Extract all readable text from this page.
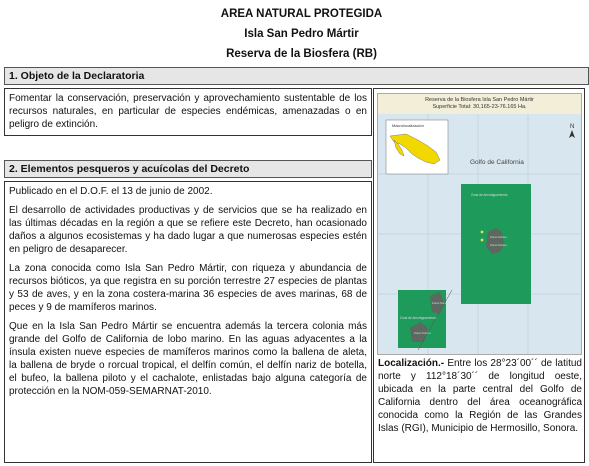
AREA NATURAL PROTEGIDA
Isla San Pedro Mártir
Reserva de la Biosfera (RB)
1. Objeto de la Declaratoria
Fomentar la conservación, preservación y aprovechamiento sustentable de los recursos naturales, en particular de especies endémicas, amenazadas o en peligro de extinción.
2. Elementos pesqueros y acuícolas del Decreto

Publicado en el D.O.F. el 13 de junio de 2002.

El desarrollo de actividades productivas y de servicios que se ha realizado en las últimas décadas en la región a que se refiere este Decreto, han ocasionado daños a algunos ecosistemas y ha dado lugar a que numerosas especies estén en peligro de desaparecer.

La zona conocida como Isla San Pedro Mártir, con riqueza y abundancia de recursos bióticos, ya que registra en su porción terrestre 27 especies de plantas y 53 de aves, y en la zona costera-marina 36 especies de aves marinas, 68 de peces y 9 de mamíferos marinos.

Que en la Isla San Pedro Mártir se encuentra además la tercera colonia más grande del Golfo de California de lobo marino. En las aguas adyacentes a la ínsula existen nueve especies de mamíferos marinos como la ballena de aleta, la ballena de bryde o rorcual tropical, el delfín común, el delfín nariz de botella, el bufeo, la ballena piloto y el cachalote, enlistadas bajo alguna categoría de protección en la NOM-059-SEMARNAT-2010.

Reserva de la Biosfera Isla San Pedro Mártir
Superficie Total: 30,165-23-76.165 Ha.
Macrolocalización	N
Golfo de California
Zona de Amortiguamiento
Zona Núcleo
Zona Núcleo
Zona de Amortiguamiento
Zona Núcleo
Zona Núcleo
Localización.- Entre los 28°23´00´´ de latitud norte y 112°18´30´´ de longitud oeste, ubicada en la parte central del Golfo de California dentro del área oceanográfica conocida como la Región de las Grandes Islas (RGI), Municipio de Hermosillo, Sonora.
